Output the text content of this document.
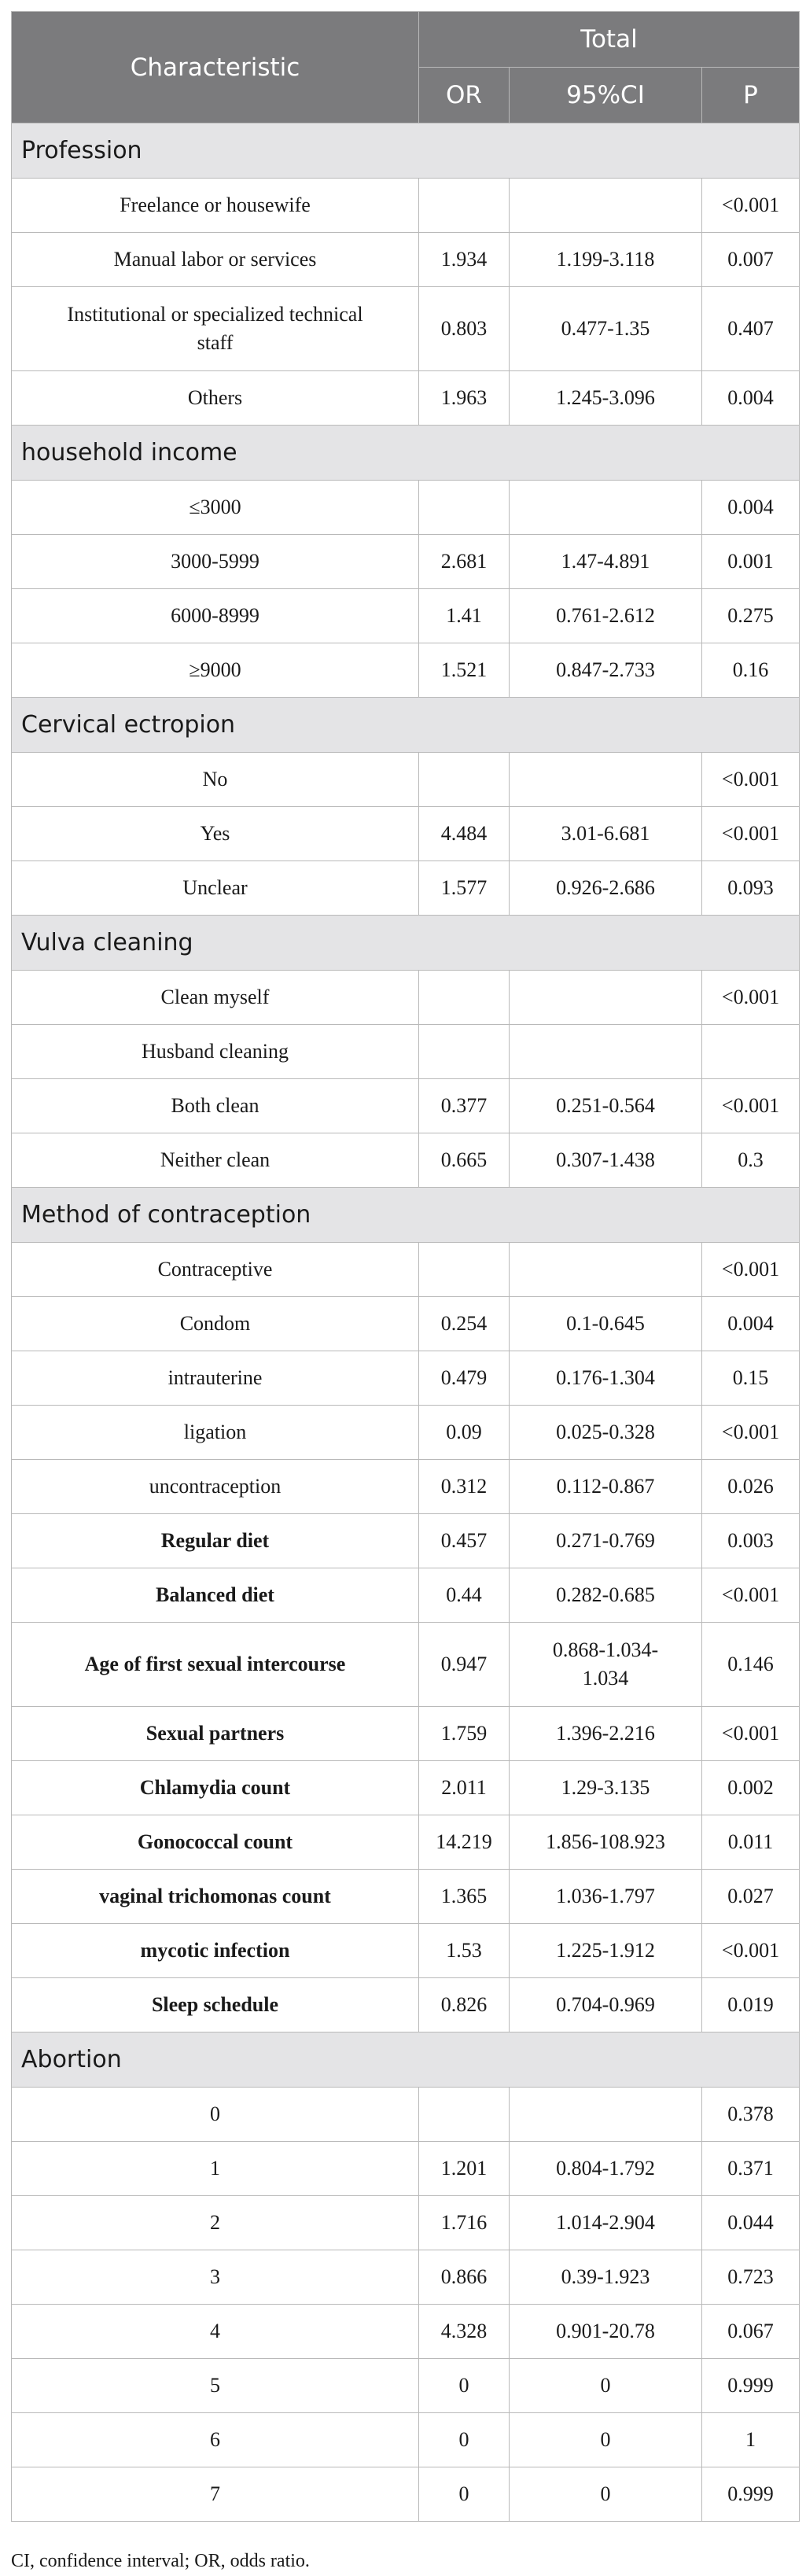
Characteristic	Total		
	OR	95%CI	P
Profession			
Freelance or housewife			<0.001
Manual labor or services	1.934	1.199-3.118	0.007
Institutional or specialized technical staff	0.803	0.477-1.35	0.407
Others	1.963	1.245-3.096	0.004
household income			
≤3000			0.004
3000-5999	2.681	1.47-4.891	0.001
6000-8999	1.41	0.761-2.612	0.275
≥9000	1.521	0.847-2.733	0.16
Cervical ectropion			
No			<0.001
Yes	4.484	3.01-6.681	<0.001
Unclear	1.577	0.926-2.686	0.093
Vulva cleaning			
Clean myself			<0.001
Husband cleaning			
Both clean	0.377	0.251-0.564	<0.001
Neither clean	0.665	0.307-1.438	0.3
Method of contraception			
Contraceptive			<0.001
Condom	0.254	0.1-0.645	0.004
intrauterine	0.479	0.176-1.304	0.15
ligation	0.09	0.025-0.328	<0.001
uncontraception	0.312	0.112-0.867	0.026
Regular diet	0.457	0.271-0.769	0.003
Balanced diet	0.44	0.282-0.685	<0.001
Age of first sexual intercourse	0.947	0.868-1.034-1.034	0.146
Sexual partners	1.759	1.396-2.216	<0.001
Chlamydia count	2.011	1.29-3.135	0.002
Gonococcal count	14.219	1.856-108.923	0.011
vaginal trichomonas count	1.365	1.036-1.797	0.027
mycotic infection	1.53	1.225-1.912	<0.001
Sleep schedule	0.826	0.704-0.969	0.019
Abortion			
0			0.378
1	1.201	0.804-1.792	0.371
2	1.716	1.014-2.904	0.044
3	0.866	0.39-1.923	0.723
4	4.328	0.901-20.78	0.067
5	0	0	0.999
6	0	0	1
7	0	0	0.999
CI, confidence interval; OR, odds ratio.
